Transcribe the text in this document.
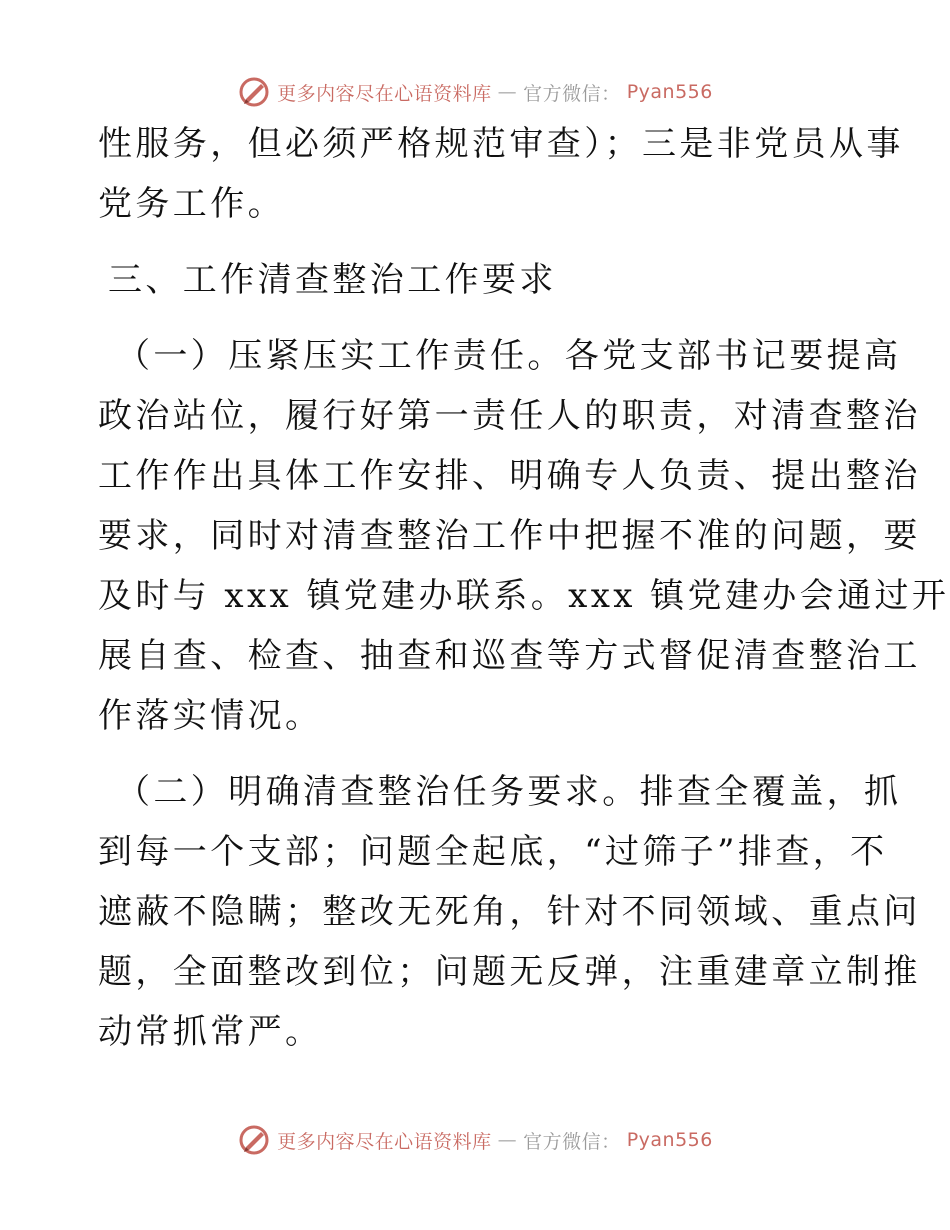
更多内容尽在心语资料库 — 官方微信： Pyan556
性服务，但必须严格规范审查）；三是非党员从事
党务工作。
三、工作清查整治工作要求
（一）压紧压实工作责任。各党支部书记要提高
政治站位，履行好第一责任人的职责，对清查整治
工作作出具体工作安排、明确专人负责、提出整治
要求，同时对清查整治工作中把握不准的问题，要
及时与 xxx 镇党建办联系。xxx 镇党建办会通过开
展自查、检查、抽查和巡查等方式督促清查整治工
作落实情况。
（二）明确清查整治任务要求。排查全覆盖，抓
到每一个支部；问题全起底，“过筛子”排查，不
遮蔽不隐瞒；整改无死角，针对不同领域、重点问
题，全面整改到位；问题无反弹，注重建章立制推
动常抓常严。
更多内容尽在心语资料库 — 官方微信： Pyan556
